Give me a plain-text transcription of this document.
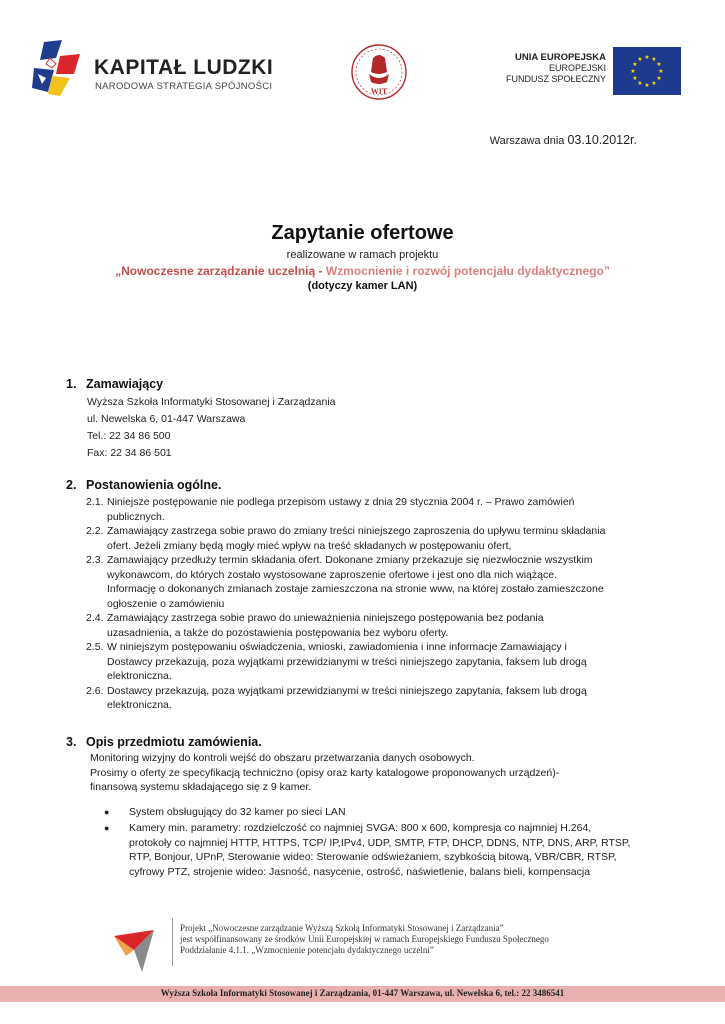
KAPITAŁ LUDZKI
NARODOWA STRATEGIA SPÓJNOŚCI	WIT
UNIA EUROPEJSKA
EUROPEJSKI
FUNDUSZ SPOŁECZNY
★ ★
★
★
★
★
★
★
★
★
★
★
Warszawa dnia 03.10.2012r.
Zapytanie ofertowe
realizowane w ramach projektu
„Nowoczesne zarządzanie uczelnią - Wzmocnienie i rozwój potencjału dydaktycznego”
(dotyczy kamer LAN)
1. Zamawiający
Wyższa Szkoła Informatyki Stosowanej i Zarządzania
ul. Newelska 6, 01-447 Warszawa
Tel.: 22 34 86 500
Fax: 22 34 86 501
2. Postanowienia ogólne.
2.1. Niniejsze postępowanie nie podlega przepisom ustawy z dnia 29 stycznia 2004 r. – Prawo zamówień
publicznych.
2.2. Zamawiający zastrzega sobie prawo do zmiany treści niniejszego zaproszenia do upływu terminu składania
ofert. Jeżeli zmiany będą mogły mieć wpływ na treść składanych w postępowaniu ofert,
2.3. Zamawiający przedłuży termin składania ofert. Dokonane zmiany przekazuje się niezwłocznie wszystkim
wykonawcom, do których zostało wystosowane zaproszenie ofertowe i jest ono dla nich wiążące.
Informację o dokonanych zmianach zostaje zamieszczona na stronie www, na której zostało zamieszczone
ogłoszenie o zamówieniu
2.4. Zamawiający zastrzega sobie prawo do unieważnienia niniejszego postępowania bez podania
uzasadnienia, a także do pozostawienia postępowania bez wyboru oferty.
2.5. W niniejszym postępowaniu oświadczenia, wnioski, zawiadomienia i inne informacje Zamawiający i
Dostawcy przekazują, poza wyjątkami przewidzianymi w treści niniejszego zapytania, faksem lub drogą
elektroniczna.
2.6. Dostawcy przekazują, poza wyjątkami przewidzianymi w treści niniejszego zapytania, faksem lub drogą
elektroniczna.
3. Opis przedmiotu zamówienia.
Monitoring wizyjny do kontroli wejść do obszaru przetwarzania danych osobowych.
Prosimy o oferty ze specyfikacją techniczno (opisy oraz karty katalogowe proponowanych urządzeń)-
finansową systemu składającego się z 9 kamer.
●	System obsługujący do 32 kamer po sieci LAN
●	Kamery min. parametry: rozdzielczość co najmniej SVGA: 800 x 600, kompresja co najmniej H.264,
protokoły co najmniej HTTP, HTTPS, TCP/ IP,IPv4, UDP, SMTP, FTP, DHCP, DDNS, NTP, DNS, ARP, RTSP,
RTP, Bonjour, UPnP, Sterowanie wideo: Sterowanie odświeżaniem, szybkością bitową, VBR/CBR, RTSP,
cyfrowy PTZ, strojenie wideo: Jasność, nasycenie, ostrość, naświetlenie, balans bieli, kompensacja
Projekt „Nowoczesne zarządzanie Wyższą Szkołą Informatyki Stosowanej i Zarządzania”
jest współfinansowany ze środków Unii Europejskiej w ramach Europejskiego Funduszu Społecznego
Poddziałanie 4.1.1. „Wzmocnienie potencjału dydaktycznego uczelni”
Wyższa Szkoła Informatyki Stosowanej i Zarządzania, 01-447 Warszawa, ul. Newelska 6, tel.: 22 3486541
